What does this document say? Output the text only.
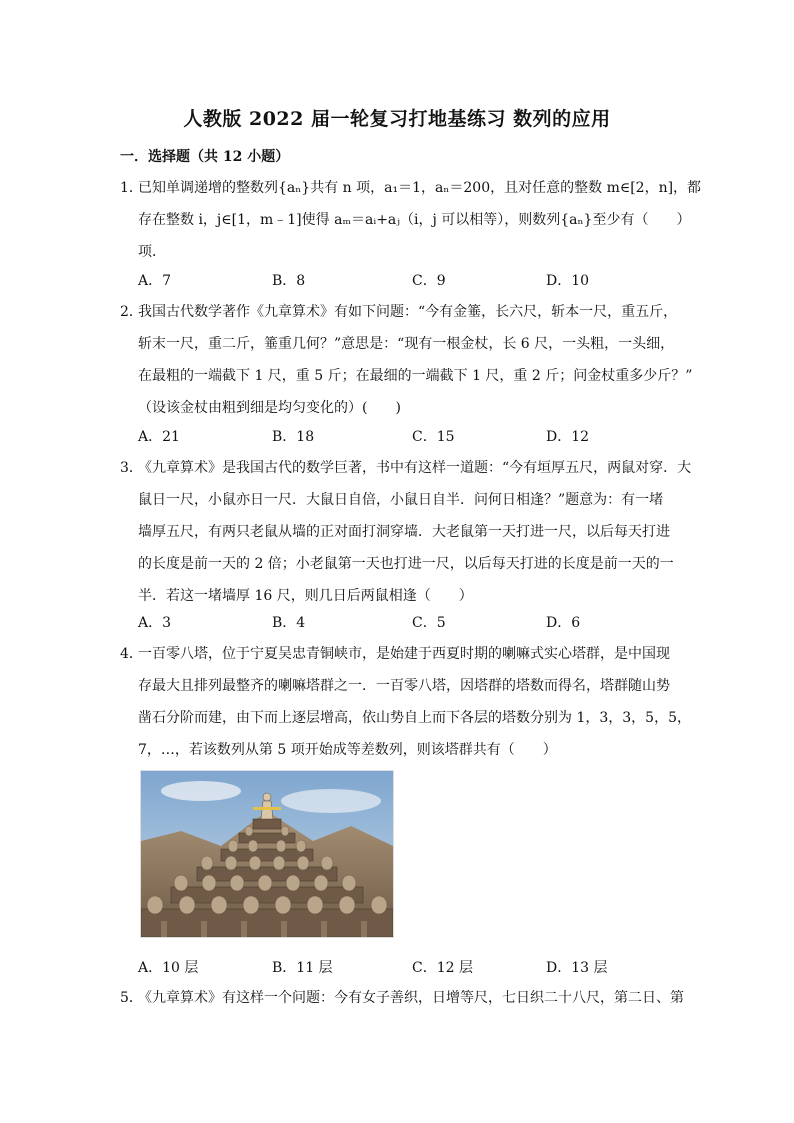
人教版 2022 届一轮复习打地基练习 数列的应用
一．选择题（共 12 小题）
1．
已知单调递增的整数列{aₙ}共有 n 项，a₁＝1，aₙ＝200，且对任意的整数 m∈[2，n]，都
存在整数 i，j∈[1，m﹣1]使得 aₘ＝aᵢ+aⱼ（i，j 可以相等），则数列{aₙ}至少有（　　）
项．
A．7	B．8	C．9	D．10
2．
我国古代数学著作《九章算术》有如下问题：“今有金箠，长六尺，斩本一尺，重五斤，
斩末一尺，重二斤，箠重几何？”意思是：“现有一根金杖，长 6 尺，一头粗，一头细，
在最粗的一端截下 1 尺，重 5 斤；在最细的一端截下 1 尺，重 2 斤；问金杖重多少斤？”
（设该金杖由粗到细是均匀变化的）(　　)
A．21	B．18	C．15	D．12
3．
《九章算术》是我国古代的数学巨著，书中有这样一道题：“今有垣厚五尺，两鼠对穿．大
鼠日一尺，小鼠亦日一尺．大鼠日自倍，小鼠日自半．问何日相逢？”题意为：有一堵
墙厚五尺，有两只老鼠从墙的正对面打洞穿墙．大老鼠第一天打进一尺，以后每天打进
的长度是前一天的 2 倍；小老鼠第一天也打进一尺，以后每天打进的长度是前一天的一
半．若这一堵墙厚 16 尺，则几日后两鼠相逢（　　）
A．3	B．4	C．5	D．6
4．
一百零八塔，位于宁夏吴忠青铜峡市，是始建于西夏时期的喇嘛式实心塔群，是中国现
存最大且排列最整齐的喇嘛塔群之一．一百零八塔，因塔群的塔数而得名，塔群随山势
凿石分阶而建，由下而上逐层增高，依山势自上而下各层的塔数分别为 1，3，3，5，5，
7，…，若该数列从第 5 项开始成等差数列，则该塔群共有（　　）
A．10 层	B．11 层	C．12 层	D．13 层
5．
《九章算术》有这样一个问题：今有女子善织，日增等尺，七日织二十八尺，第二日、第
